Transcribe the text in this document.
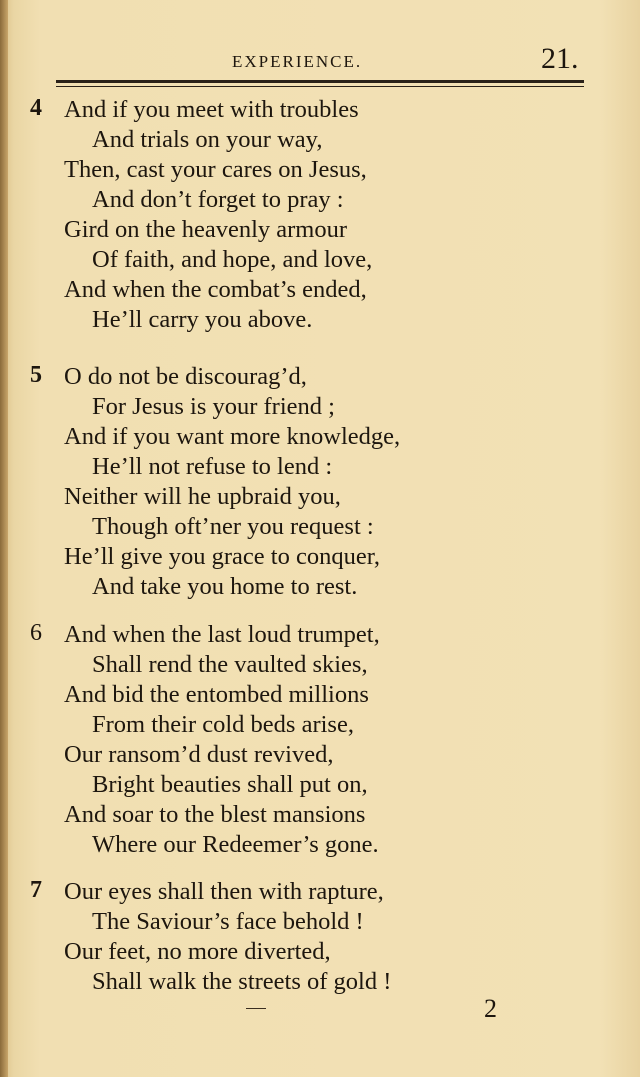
EXPERIENCE.	21.
4 And if you meet with troubles
And trials on your way,
Then, cast your cares on Jesus,
And don’t forget to pray :
Gird on the heavenly armour
Of faith, and hope, and love,
And when the combat’s ended,
He’ll carry you above.
5 O do not be discourag’d,
For Jesus is your friend ;
And if you want more knowledge,
He’ll not refuse to lend :
Neither will he upbraid you,
Though oft’ner you request :
He’ll give you grace to conquer,
And take you home to rest.
6 And when the last loud trumpet,
Shall rend the vaulted skies,
And bid the entombed millions
From their cold beds arise,
Our ransom’d dust revived,
Bright beauties shall put on,
And soar to the blest mansions
Where our Redeemer’s gone.
7 Our eyes shall then with rapture,
The Saviour’s face behold !
Our feet, no more diverted,
Shall walk the streets of gold !
2
